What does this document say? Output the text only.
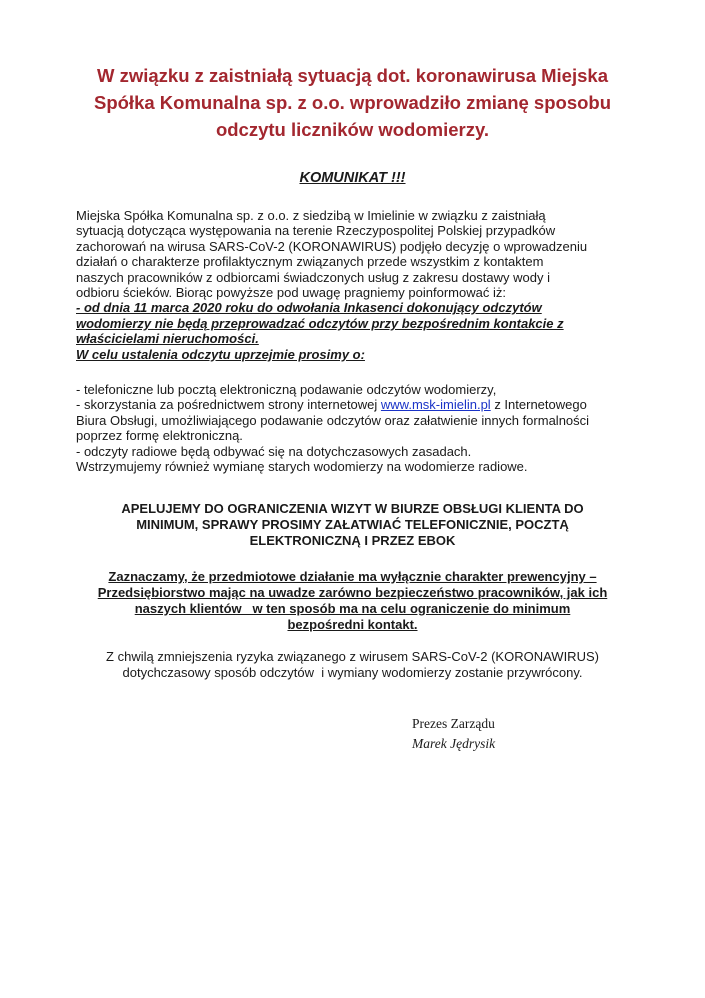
W związku z zaistniałą sytuacją dot. koronawirusa Miejska
Spółka Komunalna sp. z o.o. wprowadziło zmianę sposobu
odczytu liczników wodomierzy.
KOMUNIKAT !!!
Miejska Spółka Komunalna sp. z o.o. z siedzibą w Imielinie w związku z zaistniałą
sytuacją dotycząca występowania na terenie Rzeczypospolitej Polskiej przypadków
zachorowań na wirusa SARS-CoV-2 (KORONAWIRUS) podjęło decyzję o wprowadzeniu
działań o charakterze profilaktycznym związanych przede wszystkim z kontaktem
naszych pracowników z odbiorcami świadczonych usług z zakresu dostawy wody i
odbioru ścieków. Biorąc powyższe pod uwagę pragniemy poinformować iż:
- od dnia 11 marca 2020 roku do odwołania Inkasenci dokonujący odczytów
wodomierzy nie będą przeprowadzać odczytów przy bezpośrednim kontakcie z
właścicielami nieruchomości.
W celu ustalenia odczytu uprzejmie prosimy o:
- telefoniczne lub pocztą elektroniczną podawanie odczytów wodomierzy,
- skorzystania za pośrednictwem strony internetowej www.msk-imielin.pl z Internetowego
Biura Obsługi, umożliwiającego podawanie odczytów oraz załatwienie innych formalności
poprzez formę elektroniczną.
- odczyty radiowe będą odbywać się na dotychczasowych zasadach.
Wstrzymujemy również wymianę starych wodomierzy na wodomierze radiowe.
APELUJEMY DO OGRANICZENIA WIZYT W BIURZE OBSŁUGI KLIENTA DO
MINIMUM, SPRAWY PROSIMY ZAŁATWIAĆ TELEFONICZNIE, POCZTĄ
ELEKTRONICZNĄ I PRZEZ EBOK
Zaznaczamy, że przedmiotowe działanie ma wyłącznie charakter prewencyjny –
Przedsiębiorstwo mając na uwadze zarówno bezpieczeństwo pracowników, jak ich
naszych klientów   w ten sposób ma na celu ograniczenie do minimum
bezpośredni kontakt.
Z chwilą zmniejszenia ryzyka związanego z wirusem SARS-CoV-2 (KORONAWIRUS)
dotychczasowy sposób odczytów  i wymiany wodomierzy zostanie przywrócony.
Prezes Zarządu
Marek Jędrysik
